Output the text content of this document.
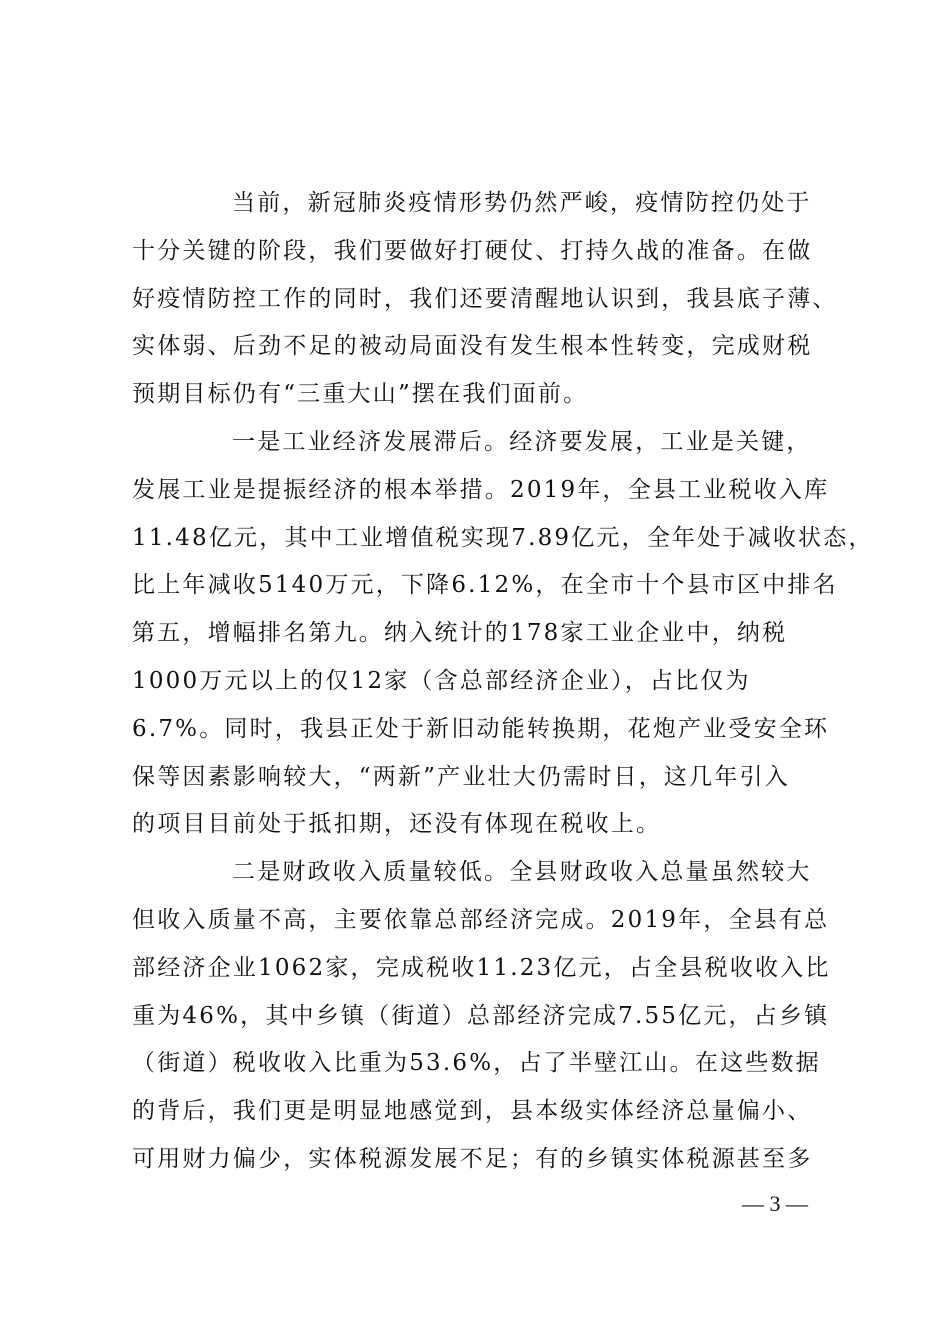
当前，新冠肺炎疫情形势仍然严峻，疫情防控仍处于
十分关键的阶段，我们要做好打硬仗、打持久战的准备。在做
好疫情防控工作的同时，我们还要清醒地认识到，我县底子薄、
实体弱、后劲不足的被动局面没有发生根本性转变，完成财税
预期目标仍有“三重大山”摆在我们面前。
一是工业经济发展滞后。经济要发展，工业是关键，
发展工业是提振经济的根本举措。2019年，全县工业税收入库
11.48亿元，其中工业增值税实现7.89亿元，全年处于减收状态，
比上年减收5140万元，下降6.12%，在全市十个县市区中排名
第五，增幅排名第九。纳入统计的178家工业企业中，纳税
1000万元以上的仅12家（含总部经济企业），占比仅为
6.7%。同时，我县正处于新旧动能转换期，花炮产业受安全环
保等因素影响较大，“两新”产业壮大仍需时日，这几年引入
的项目目前处于抵扣期，还没有体现在税收上。
二是财政收入质量较低。全县财政收入总量虽然较大
但收入质量不高，主要依靠总部经济完成。2019年，全县有总
部经济企业1062家，完成税收11.23亿元，占全县税收收入比
重为46%，其中乡镇（街道）总部经济完成7.55亿元，占乡镇
（街道）税收收入比重为53.6%，占了半壁江山。在这些数据
的背后，我们更是明显地感觉到，县本级实体经济总量偏小、
可用财力偏少，实体税源发展不足；有的乡镇实体税源甚至多
— 3 —
